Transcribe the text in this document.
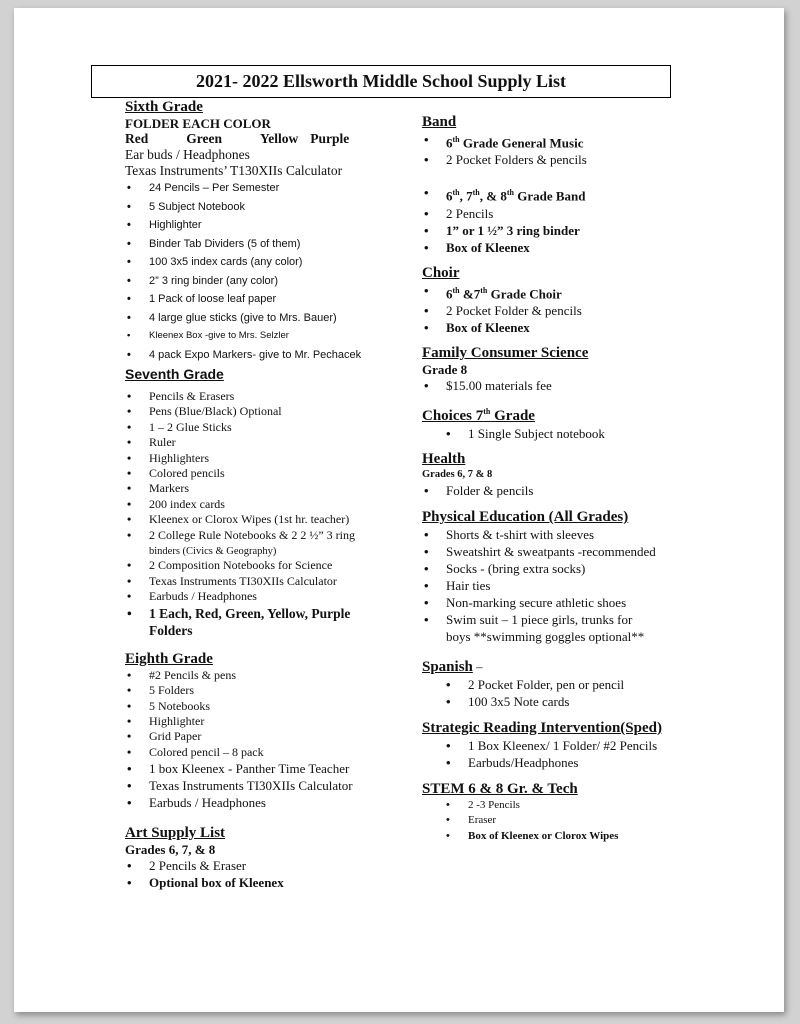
2021- 2022 Ellsworth Middle School Supply List
Sixth Grade
FOLDER EACH COLOR
Red	Green	Yellow Purple
Ear buds / Headphones
Texas Instruments’ T130XIIs Calculator
• 24 Pencils – Per Semester
• 5 Subject Notebook
• Highlighter
• Binder Tab Dividers (5 of them)
• 100 3x5 index cards (any color)
• 2” 3 ring binder (any color)
• 1 Pack of loose leaf paper
• 4 large glue sticks (give to Mrs. Bauer)
• Kleenex Box -give to Mrs. Selzler
• 4 pack Expo Markers- give to Mr. Pechacek
Seventh Grade
• Pencils & Erasers
• Pens (Blue/Black) Optional
• 1 – 2 Glue Sticks
• Ruler
• Highlighters
• Colored pencils
• Markers
• 200 index cards
• Kleenex or Clorox Wipes (1st hr. teacher)
• 2 College Rule Notebooks & 2 2 ½” 3 ring
binders (Civics & Geography)
• 2 Composition Notebooks for Science
• Texas Instruments TI30XIIs Calculator
• Earbuds / Headphones
• 1 Each, Red, Green, Yellow, Purple
Folders
Eighth Grade
• #2 Pencils & pens
• 5 Folders
• 5 Notebooks
• Highlighter
• Grid Paper
• Colored pencil – 8 pack
• 1 box Kleenex - Panther Time Teacher
• Texas Instruments TI30XIIs Calculator
• Earbuds / Headphones
Art Supply List
Grades 6, 7, & 8
• 2 Pencils & Eraser
• Optional box of Kleenex
Band
• 6th Grade General Music
• 2 Pocket Folders & pencils
• 6th, 7th, & 8th Grade Band
• 2 Pencils
• 1” or 1 ½” 3 ring binder
• Box of Kleenex
Choir
• 6th &7th Grade Choir
• 2 Pocket Folder & pencils
• Box of Kleenex
Family Consumer Science
Grade 8
• $15.00 materials fee
Choices 7th Grade
• 1 Single Subject notebook
Health
Grades 6, 7 & 8
• Folder & pencils
Physical Education (All Grades)
• Shorts & t-shirt with sleeves
• Sweatshirt & sweatpants -recommended
• Socks - (bring extra socks)
• Hair ties
• Non-marking secure athletic shoes
• Swim suit – 1 piece girls, trunks for
boys **swimming goggles optional**
Spanish –
• 2 Pocket Folder, pen or pencil
• 100 3x5 Note cards
Strategic Reading Intervention(Sped)
• 1 Box Kleenex/ 1 Folder/ #2 Pencils
• Earbuds/Headphones
STEM 6 & 8 Gr. & Tech
• 2 -3 Pencils
• Eraser
• Box of Kleenex or Clorox Wipes
